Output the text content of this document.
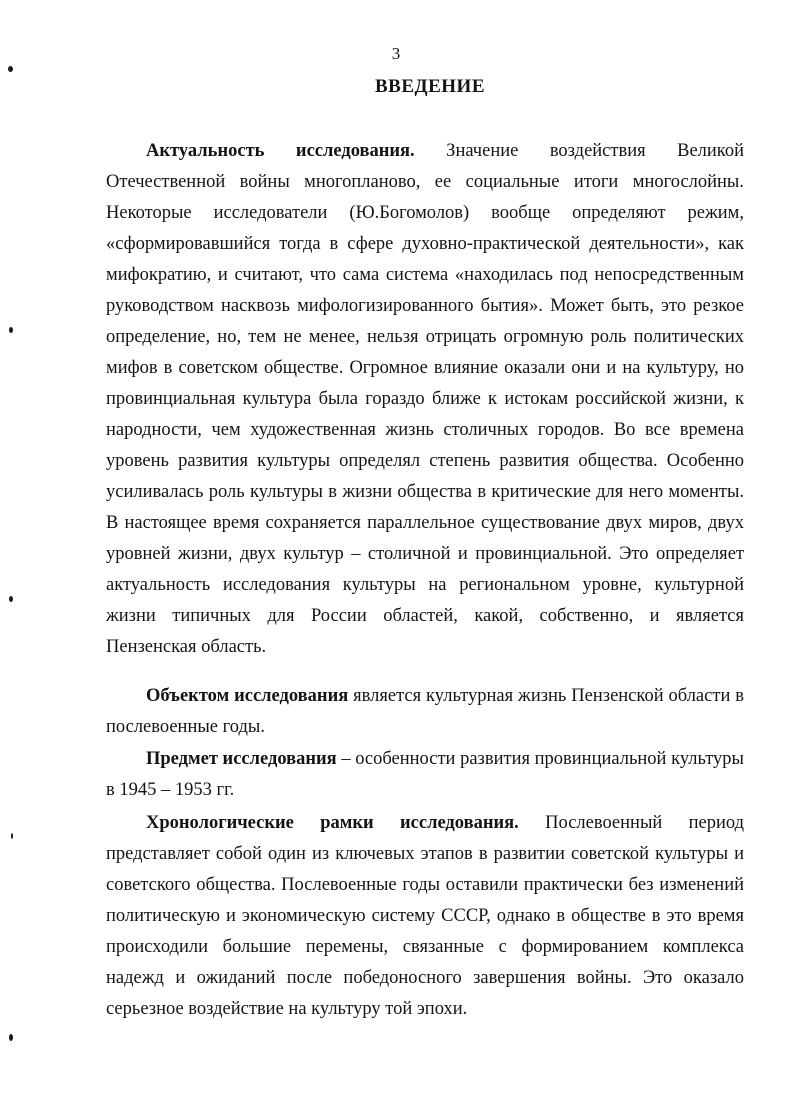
3
ВВЕДЕНИЕ

Актуальность исследования. Значение воздействия Великой Отечественной войны многопланово, ее социальные итоги многослойны. Некоторые исследователи (Ю.Богомолов) вообще определяют режим, «сформировавшийся тогда в сфере духовно-практической деятельности», как мифократию, и считают, что сама система «находилась под непосредственным руководством насквозь мифологизированного бытия». Может быть, это резкое определение, но, тем не менее, нельзя отрицать огромную роль политических мифов в советском обществе. Огромное влияние оказали они и на культуру, но провинциальная культура была гораздо ближе к истокам российской жизни, к народности, чем художественная жизнь столичных городов. Во все времена уровень развития культуры определял степень развития общества. Особенно усиливалась роль культуры в жизни общества в критические для него моменты. В настоящее время сохраняется параллельное существование двух миров, двух уровней жизни, двух культур – столичной и провинциальной. Это определяет актуальность исследования культуры на региональном уровне, культурной жизни типичных для России областей, какой, собственно, и является Пензенская область.

Объектом исследования является культурная жизнь Пензенской области в послевоенные годы.

Предмет исследования – особенности развития провинциальной культуры в 1945 – 1953 гг.

Хронологические рамки исследования. Послевоенный период представляет собой один из ключевых этапов в развитии советской культуры и советского общества. Послевоенные годы оставили практически без изменений политическую и экономическую систему СССР, однако в обществе в это время происходили большие перемены, связанные с формированием комплекса надежд и ожиданий после победоносного завершения войны. Это оказало серьезное воздействие на культуру той эпохи.
